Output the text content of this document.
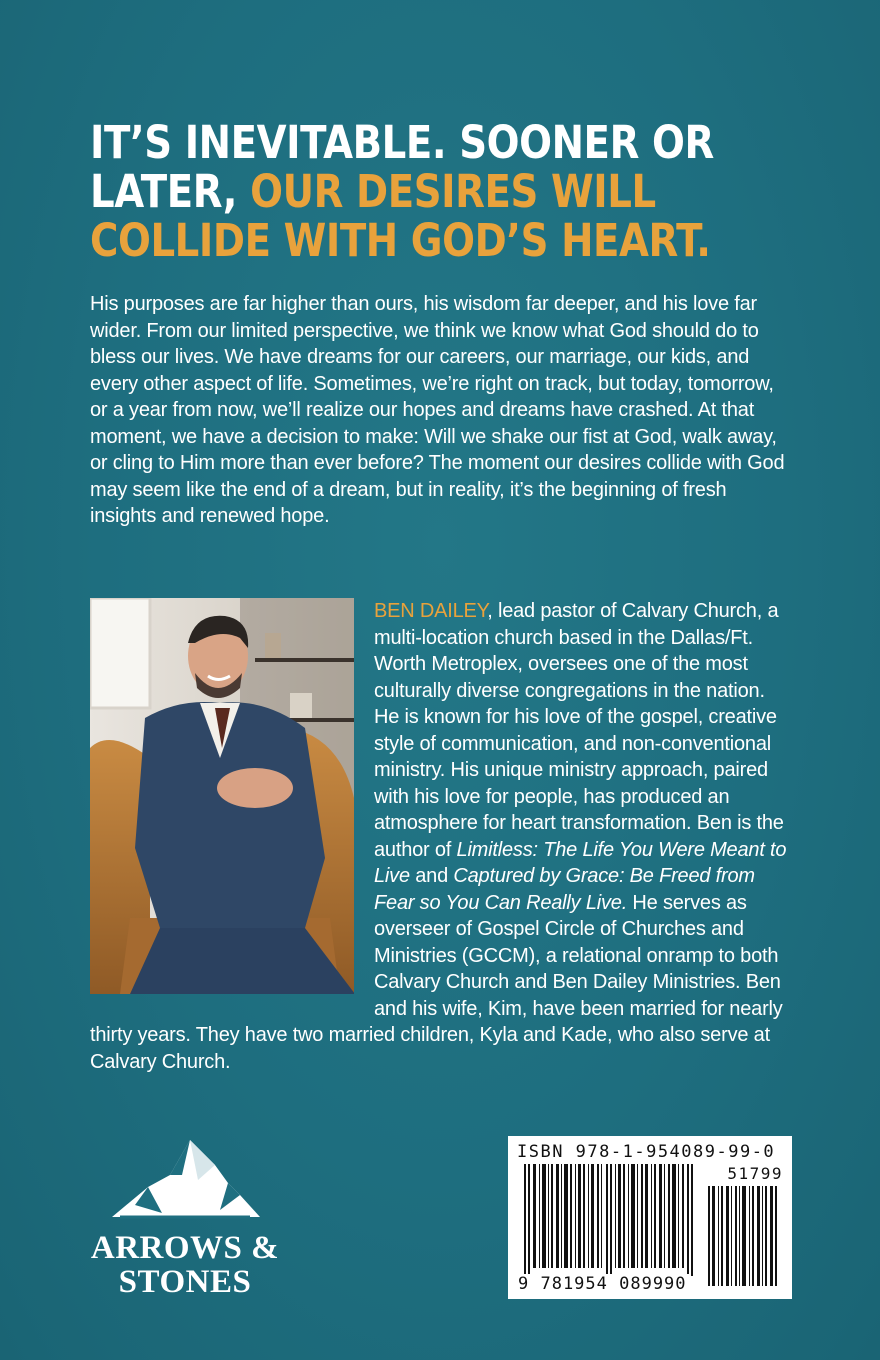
IT’S INEVITABLE. SOONER OR LATER, OUR DESIRES WILL COLLIDE WITH GOD’S HEART.

His purposes are far higher than ours, his wisdom far deeper, and his love far wider. From our limited perspective, we think we know what God should do to bless our lives. We have dreams for our careers, our marriage, our kids, and every other aspect of life. Sometimes, we’re right on track, but today, tomorrow, or a year from now, we’ll realize our hopes and dreams have crashed. At that moment, we have a decision to make: Will we shake our fist at God, walk away, or cling to Him more than ever before? The moment our desires collide with God may seem like the end of a dream, but in reality, it’s the beginning of fresh insights and renewed hope.

BEN DAILEY, lead pastor of Calvary Church, a multi-location church based in the Dallas/Ft. Worth Metroplex, oversees one of the most culturally diverse congregations in the nation. He is known for his love of the gospel, creative style of communication, and non-conventional ministry. His unique ministry approach, paired with his love for people, has produced an atmosphere for heart transformation. Ben is the author of Limitless: The Life You Were Meant to Live and Captured by Grace: Be Freed from Fear so You Can Really Live. He serves as overseer of Gospel Circle of Churches and Ministries (GCCM), a relational onramp to both Calvary Church and Ben Dailey Ministries. Ben and his wife, Kim, have been married for nearly thirty years. They have two married children, Kyla and Kade, who also serve at Calvary Church.

ARROWS &
STONES
ISBN 978-1-954089-99-0
51799
9 781954 089990
